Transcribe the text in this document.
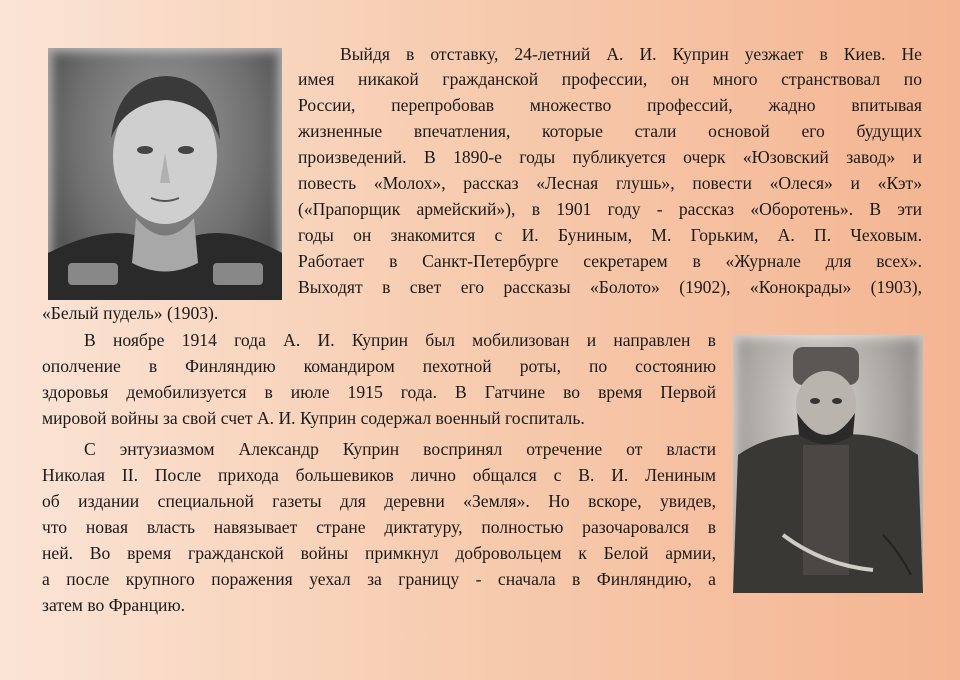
Выйдя в отставку, 24-летний А. И. Куприн уезжает в Киев. Не
имея никакой гражданской профессии, он много странствовал по
России, перепробовав множество профессий, жадно впитывая
жизненные впечатления, которые стали основой его будущих
произведений. В 1890-е годы публикуется очерк «Юзовский завод» и
повесть «Молох», рассказ «Лесная глушь», повести «Олеся» и «Кэт»
(«Прапорщик армейский»), в 1901 году - рассказ «Оборотень». В эти
годы он знакомится с И. Буниным, М. Горьким, А. П. Чеховым.
Работает в Санкт-Петербурге секретарем в «Журнале для всех».
Выходят в свет его рассказы «Болото» (1902), «Конокрады» (1903),
«Белый пудель» (1903).
В ноябре 1914 года А. И. Куприн был мобилизован и направлен в
ополчение в Финляндию командиром пехотной роты, по состоянию
здоровья демобилизуется в июле 1915 года. В Гатчине во время Первой
мировой войны за свой счет А. И. Куприн содержал военный госпиталь.
С энтузиазмом Александр Куприн воспринял отречение от власти
Николая II. После прихода большевиков лично общался с В. И. Лениным
об издании специальной газеты для деревни «Земля». Но вскоре, увидев,
что новая власть навязывает стране диктатуру, полностью разочаровался в
ней. Во время гражданской войны примкнул добровольцем к Белой армии,
а после крупного поражения уехал за границу - сначала в Финляндию, а
затем во Францию.
